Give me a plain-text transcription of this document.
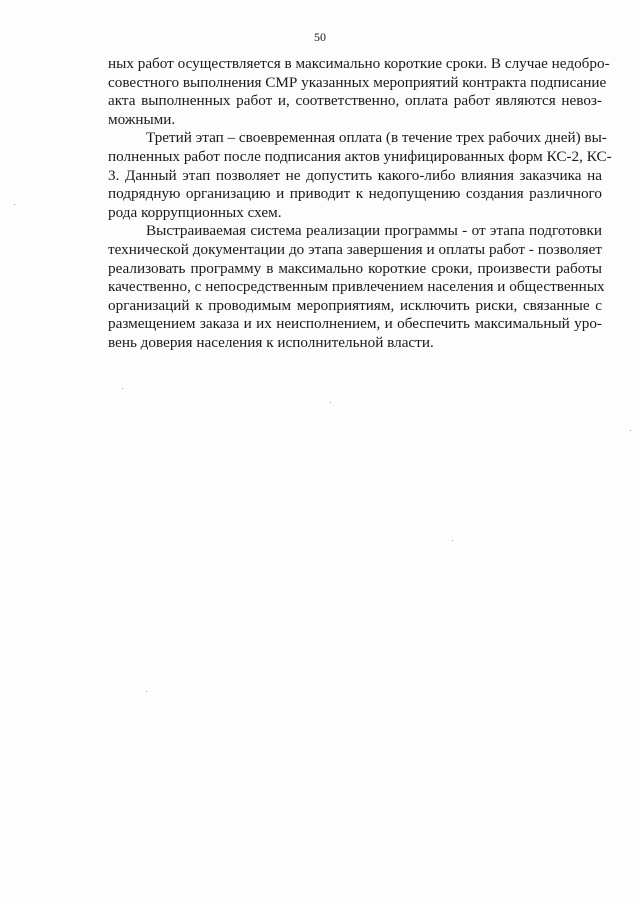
50
ных работ осуществляется в максимально короткие сроки. В случае недобро-
совестного выполнения СМР указанных мероприятий контракта подписание
акта выполненных работ и, соответственно, оплата работ являются невоз-
можными.
Третий этап – своевременная оплата (в течение трех рабочих дней) вы-
полненных работ после подписания актов унифицированных форм КС-2, КС-
3. Данный этап позволяет не допустить какого-либо влияния заказчика на
подрядную организацию и приводит к недопущению создания различного
рода коррупционных схем.
Выстраиваемая система реализации программы - от этапа подготовки
технической документации до этапа завершения и оплаты работ - позволяет
реализовать программу в максимально короткие сроки, произвести работы
качественно, с непосредственным привлечением населения и общественных
организаций к проводимым мероприятиям, исключить риски, связанные с
размещением заказа и их неисполнением, и обеспечить максимальный уро-
вень доверия населения к исполнительной власти.
